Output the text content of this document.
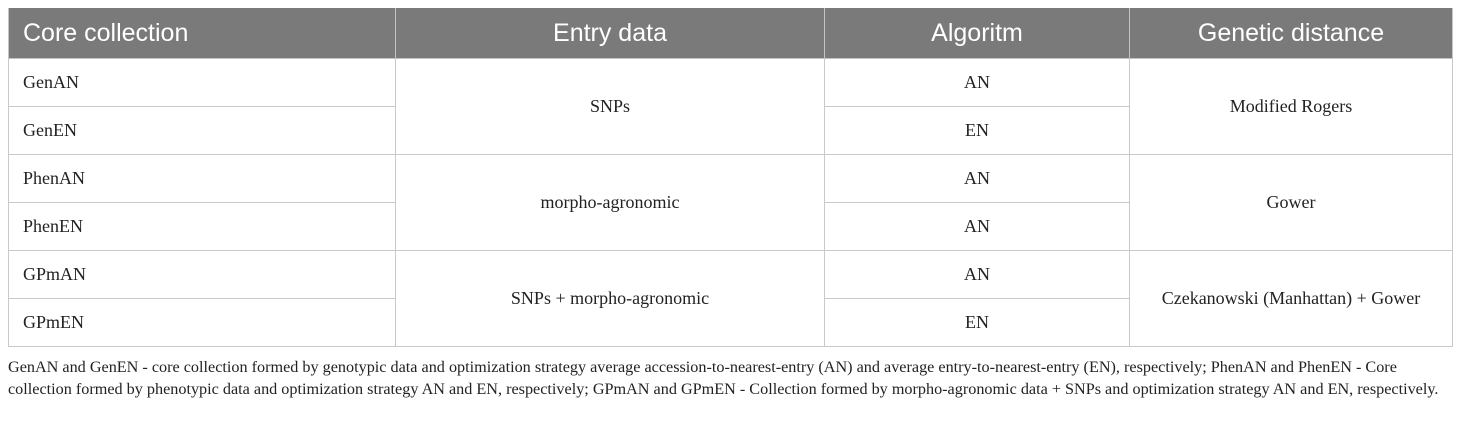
Core collection	Entry data	Algoritm	Genetic distance
GenAN	SNPs	AN	Modified Rogers
GenEN		EN	
PhenAN	morpho-agronomic	AN	Gower
PhenEN		AN	
GPmAN	SNPs + morpho-agronomic	AN	Czekanowski (Manhattan) + Gower
GPmEN		EN	

GenAN and GenEN - core collection formed by genotypic data and optimization strategy average accession-to-nearest-entry (AN) and average entry-to-nearest-entry (EN), respectively; PhenAN and PhenEN - Core collection formed by phenotypic data and optimization strategy AN and EN, respectively; GPmAN and GPmEN - Collection formed by morpho-agronomic data + SNPs and optimization strategy AN and EN, respectively.
